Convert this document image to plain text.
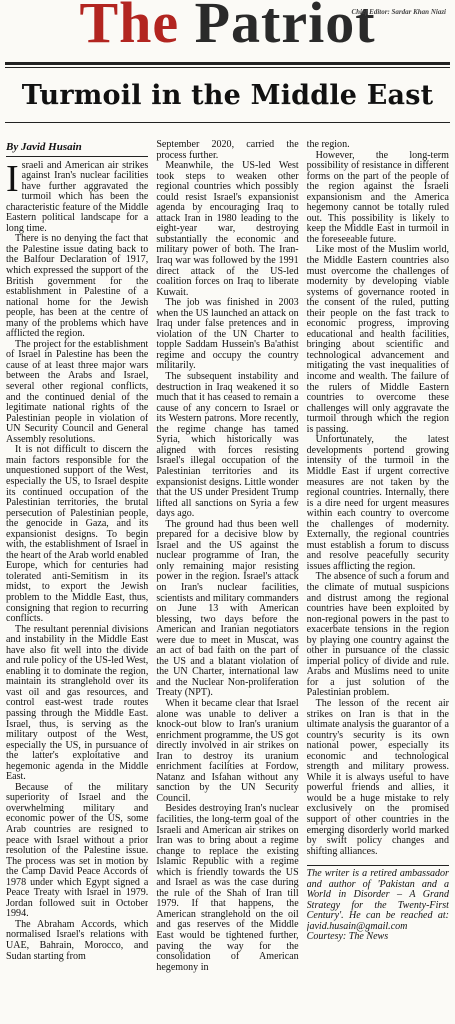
The Patriot
Chief Editor: Sardar Khan Niazi
Turmoil in the Middle East
By Javid Husain

Israeli and American air strikes against Iran's nuclear facilities have further aggravated the turmoil which has been the characteristic feature of the Middle Eastern political landscape for a long time.

There is no denying the fact that the Palestine issue dating back to the Balfour Declaration of 1917, which expressed the support of the British government for the establishment in Palestine of a national home for the Jewish people, has been at the centre of many of the problems which have afflicted the region.

The project for the establishment of Israel in Palestine has been the cause of at least three major wars between the Arabs and Israel, several other regional conflicts, and the continued denial of the legitimate national rights of the Palestinian people in violation of UN Security Council and General Assembly resolutions.

It is not difficult to discern the main factors responsible for the unquestioned support of the West, especially the US, to Israel despite its continued occupation of the Palestinian territories, the brutal persecution of Palestinian people, the genocide in Gaza, and its expansionist designs. To begin with, the establishment of Israel in the heart of the Arab world enabled Europe, which for centuries had tolerated anti-Semitism in its midst, to export the Jewish problem to the Middle East, thus, consigning that region to recurring conflicts.

The resultant perennial divisions and instability in the Middle East have also fit well into the divide and rule policy of the US-led West, enabling it to dominate the region, maintain its stranglehold over its vast oil and gas resources, and control east-west trade routes passing through the Middle East. Israel, thus, is serving as the military outpost of the West, especially the US, in pursuance of the latter's exploitative and hegemonic agenda in the Middle East.

Because of the military superiority of Israel and the overwhelming military and economic power of the US, some Arab countries are resigned to peace with Israel without a prior resolution of the Palestine issue. The process was set in motion by the Camp David Peace Accords of 1978 under which Egypt signed a Peace Treaty with Israel in 1979. Jordan followed suit in October 1994.

The Abraham Accords, which normalised Israel's relations with UAE, Bahrain, Morocco, and Sudan starting from

September 2020, carried the process further.

Meanwhile, the US-led West took steps to weaken other regional countries which possibly could resist Israel's expansionist agenda by encouraging Iraq to attack Iran in 1980 leading to the eight-year war, destroying substantially the economic and military power of both. The Iran-Iraq war was followed by the 1991 direct attack of the US-led coalition forces on Iraq to liberate Kuwait.

The job was finished in 2003 when the US launched an attack on Iraq under false pretences and in violation of the UN Charter to topple Saddam Hussein's Ba'athist regime and occupy the country militarily.

The subsequent instability and destruction in Iraq weakened it so much that it has ceased to remain a cause of any concern to Israel or its Western patrons. More recently, the regime change has tamed Syria, which historically was aligned with forces resisting Israel's illegal occupation of the Palestinian territories and its expansionist designs. Little wonder that the US under President Trump lifted all sanctions on Syria a few days ago.

The ground had thus been well prepared for a decisive blow by Israel and the US against the nuclear programme of Iran, the only remaining major resisting power in the region. Israel's attack on Iran's nuclear facilities, scientists and military commanders on June 13 with American blessing, two days before the American and Iranian negotiators were due to meet in Muscat, was an act of bad faith on the part of the US and a blatant violation of the UN Charter, international law and the Nuclear Non-proliferation Treaty (NPT).

When it became clear that Israel alone was unable to deliver a knock-out blow to Iran's uranium enrichment programme, the US got directly involved in air strikes on Iran to destroy its uranium enrichment facilities at Fordow, Natanz and Isfahan without any sanction by the UN Security Council.

Besides destroying Iran's nuclear facilities, the long-term goal of the Israeli and American air strikes on Iran was to bring about a regime change to replace the existing Islamic Republic with a regime which is friendly towards the US and Israel as was the case during the rule of the Shah of Iran till 1979. If that happens, the American stranglehold on the oil and gas reserves of the Middle East would be tightened further, paving the way for the consolidation of American hegemony in

the region.

However, the long-term possibility of resistance in different forms on the part of the people of the region against the Israeli expansionism and the America hegemony cannot be totally ruled out. This possibility is likely to keep the Middle East in turmoil in the foreseeable future.

Like most of the Muslim world, the Middle Eastern countries also must overcome the challenges of modernity by developing viable systems of governance rooted in the consent of the ruled, putting their people on the fast track to economic progress, improving educational and health facilities, bringing about scientific and technological advancement and mitigating the vast inequalities of income and wealth. The failure of the rulers of Middle Eastern countries to overcome these challenges will only aggravate the turmoil through which the region is passing.

Unfortunately, the latest developments portend growing intensity of the turmoil in the Middle East if urgent corrective measures are not taken by the regional countries. Internally, there is a dire need for urgent measures within each country to overcome the challenges of modernity. Externally, the regional countries must establish a forum to discuss and resolve peacefully security issues afflicting the region.

The absence of such a forum and the climate of mutual suspicions and distrust among the regional countries have been exploited by non-regional powers in the past to exacerbate tensions in the region by playing one country against the other in pursuance of the classic imperial policy of divide and rule. Arabs and Muslims need to unite for a just solution of the Palestinian problem.

The lesson of the recent air strikes on Iran is that in the ultimate analysis the guarantor of a country's security is its own national power, especially its economic and technological strength and military prowess. While it is always useful to have powerful friends and allies, it would be a huge mistake to rely exclusively on the promised support of other countries in the emerging disorderly world marked by swift policy changes and shifting alliances.

The writer is a retired ambassador and author of 'Pakistan and a World in Disorder – A Grand Strategy for the Twenty-First Century'. He can be reached at: javid.husain@gmail.com

Courtesy: The News
